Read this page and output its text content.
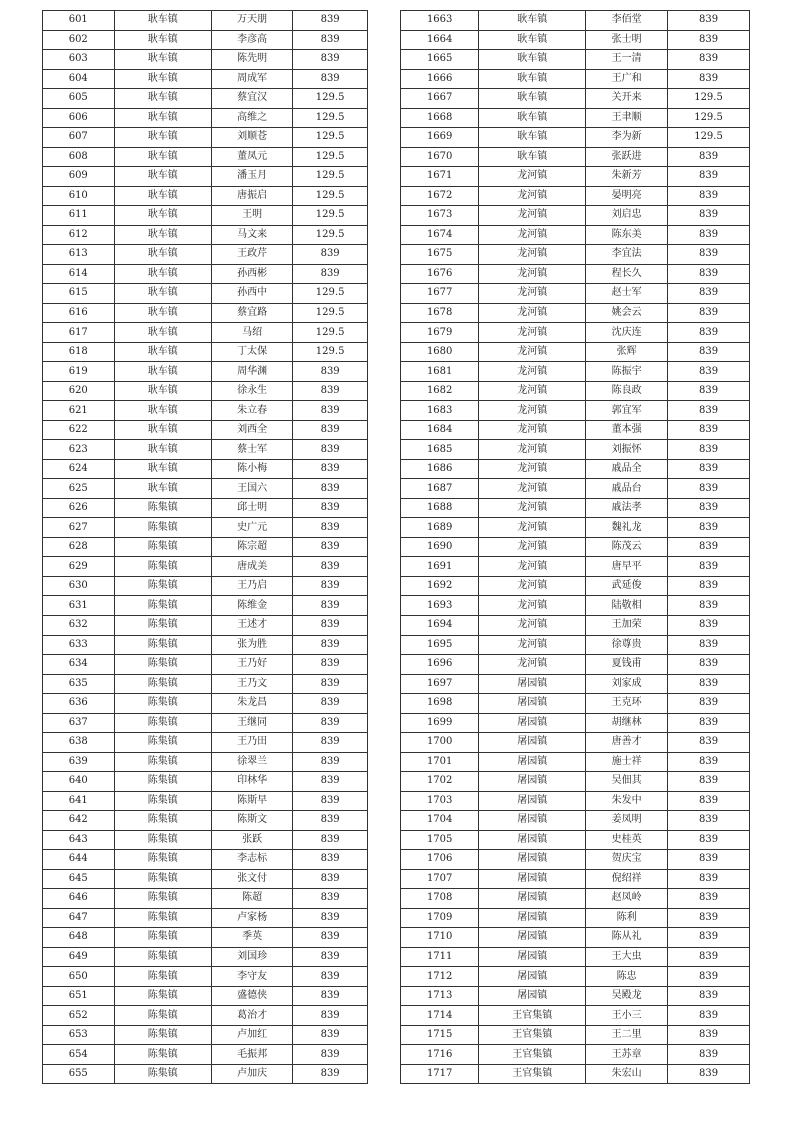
601	耿车镇	万天朋	839
602	耿车镇	李彦高	839
603	耿车镇	陈先明	839
604	耿车镇	周成军	839
605	耿车镇	蔡宜汉	129.5
606	耿车镇	高维之	129.5
607	耿车镇	刘顺苍	129.5
608	耿车镇	董凤元	129.5
609	耿车镇	潘玉月	129.5
610	耿车镇	唐振启	129.5
611	耿车镇	王明	129.5
612	耿车镇	马文来	129.5
613	耿车镇	王政芹	839
614	耿车镇	孙西彬	839
615	耿车镇	孙西中	129.5
616	耿车镇	蔡宜路	129.5
617	耿车镇	马绍	129.5
618	耿车镇	丁太保	129.5
619	耿车镇	周华渊	839
620	耿车镇	徐永生	839
621	耿车镇	朱立春	839
622	耿车镇	刘西全	839
623	耿车镇	蔡士军	839
624	耿车镇	陈小梅	839
625	耿车镇	王国六	839
626	陈集镇	邱士明	839
627	陈集镇	史广元	839
628	陈集镇	陈宗超	839
629	陈集镇	唐成美	839
630	陈集镇	王乃启	839
631	陈集镇	陈维金	839
632	陈集镇	王述才	839
633	陈集镇	张为胜	839
634	陈集镇	王乃好	839
635	陈集镇	王乃文	839
636	陈集镇	朱龙昌	839
637	陈集镇	王继同	839
638	陈集镇	王乃田	839
639	陈集镇	徐翠兰	839
640	陈集镇	印林华	839
641	陈集镇	陈斯早	839
642	陈集镇	陈斯文	839
643	陈集镇	张跃	839
644	陈集镇	李志标	839
645	陈集镇	张文付	839
646	陈集镇	陈超	839
647	陈集镇	卢家杨	839
648	陈集镇	季英	839
649	陈集镇	刘国珍	839
650	陈集镇	李守友	839
651	陈集镇	盛德侠	839
652	陈集镇	葛治才	839
653	陈集镇	卢加红	839
654	陈集镇	毛振邦	839
655	陈集镇	卢加庆	839
1663	耿车镇	李佰堂	839
1664	耿车镇	张士明	839
1665	耿车镇	王一清	839
1666	耿车镇	王广和	839
1667	耿车镇	关开来	129.5
1668	耿车镇	王聿顺	129.5
1669	耿车镇	李为新	129.5
1670	耿车镇	张跃进	839
1671	龙河镇	朱新芳	839
1672	龙河镇	晏明亮	839
1673	龙河镇	刘启忠	839
1674	龙河镇	陈东美	839
1675	龙河镇	李宜法	839
1676	龙河镇	程长久	839
1677	龙河镇	赵士军	839
1678	龙河镇	姚会云	839
1679	龙河镇	沈庆连	839
1680	龙河镇	张辉	839
1681	龙河镇	陈振宇	839
1682	龙河镇	陈良政	839
1683	龙河镇	郭宜军	839
1684	龙河镇	董本强	839
1685	龙河镇	刘振怀	839
1686	龙河镇	戚品全	839
1687	龙河镇	戚品台	839
1688	龙河镇	戚法孝	839
1689	龙河镇	魏礼龙	839
1690	龙河镇	陈茂云	839
1691	龙河镇	唐早平	839
1692	龙河镇	武延俊	839
1693	龙河镇	陆敬相	839
1694	龙河镇	王加荣	839
1695	龙河镇	徐尊贵	839
1696	龙河镇	夏钱甫	839
1697	屠园镇	刘家成	839
1698	屠园镇	王克环	839
1699	屠园镇	胡继林	839
1700	屠园镇	唐善才	839
1701	屠园镇	施士祥	839
1702	屠园镇	吴佃其	839
1703	屠园镇	朱发中	839
1704	屠园镇	姜凤明	839
1705	屠园镇	史桂英	839
1706	屠园镇	贺庆宝	839
1707	屠园镇	倪绍祥	839
1708	屠园镇	赵凤岭	839
1709	屠园镇	陈利	839
1710	屠园镇	陈从礼	839
1711	屠园镇	王大虫	839
1712	屠园镇	陈忠	839
1713	屠园镇	吴殿龙	839
1714	王官集镇	王小三	839
1715	王官集镇	王二里	839
1716	王官集镇	王苏章	839
1717	王官集镇	朱宏山	839
